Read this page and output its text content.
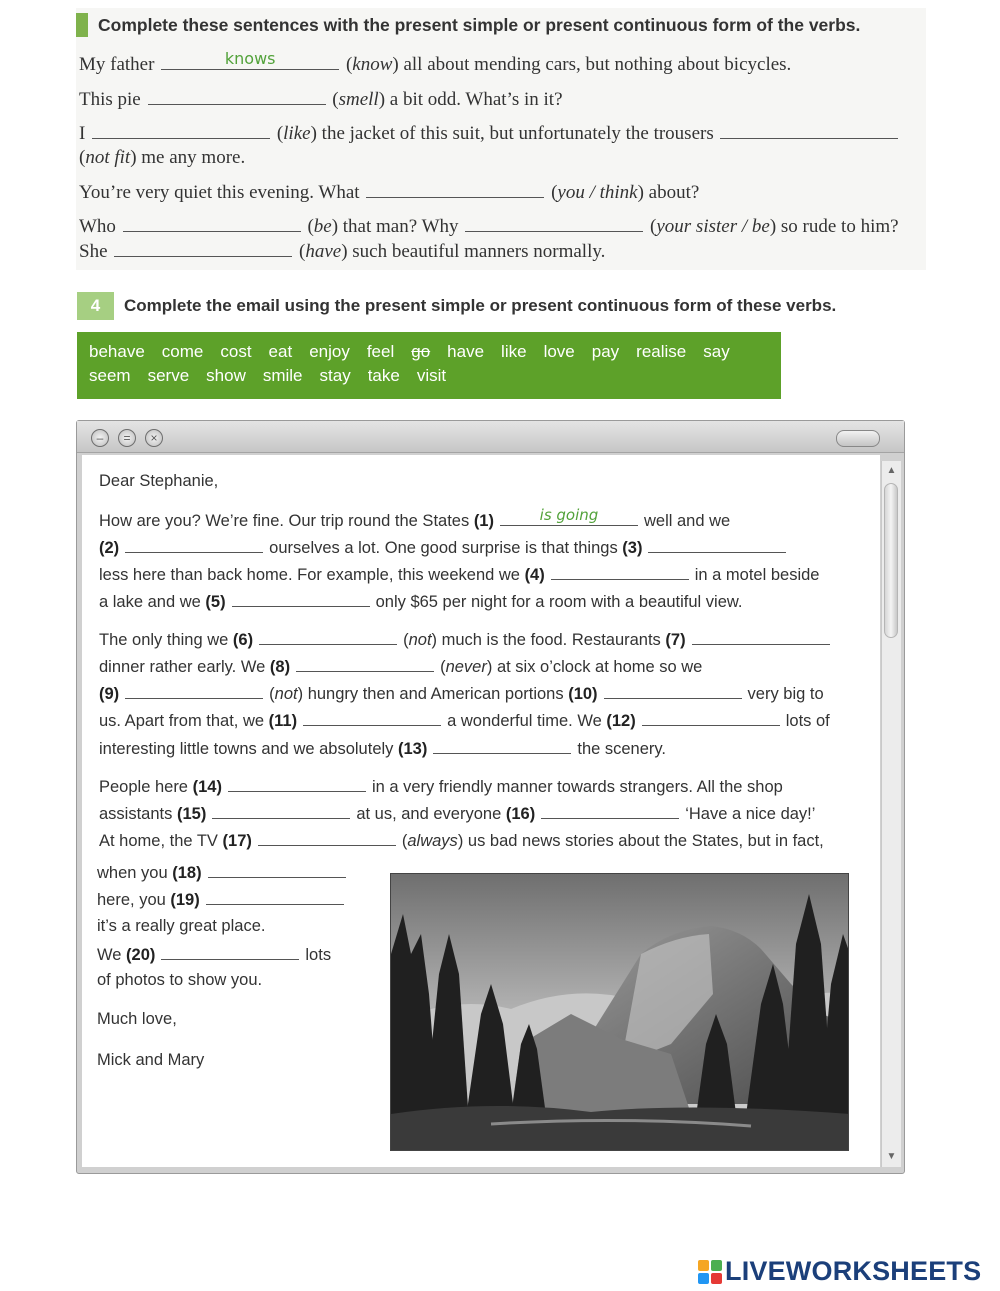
Complete these sentences with the present simple or present continuous form of the verbs.
My father	knows	(know) all about mending cars, but nothing about bicycles.
This pie	(smell) a bit odd. What’s in it?
I	(like) the jacket of this suit, but unfortunately the trousers
(not fit) me any more.
You’re very quiet this evening. What	(you / think) about?
Who	(be) that man? Why	(your sister / be) so rude to him?
She	(have) such beautiful manners normally.
4	Complete the email using the present simple or present continuous form of these verbs.
behave come cost eat enjoy feel go have like love pay realise say
seem serve show smile stay take visit
–	=	×
▲
▼
Dear Stephanie,
How are you? We’re fine. Our trip round the States (1)	is going	well and we
(2)	ourselves a lot. One good surprise is that things (3)
less here than back home. For example, this weekend we (4)	in a motel beside
a lake and we (5)	only $65 per night for a room with a beautiful view.
The only thing we (6)	(not) much is the food. Restaurants (7)
dinner rather early. We (8)	(never) at six o’clock at home so we
(9)	(not) hungry then and American portions (10)	very big to
us. Apart from that, we (11)	a wonderful time. We (12)	lots of
interesting little towns and we absolutely (13)	the scenery.
People here (14)	in a very friendly manner towards strangers. All the shop
assistants (15)	at us, and everyone (16)	‘Have a nice day!’
At home, the TV (17)	(always) us bad news stories about the States, but in fact,
when you (18)
here, you (19)
it’s a really great place.
We (20)	lots
of photos to show you.
Much love,
Mick and Mary
LIVEWORKSHEETS
